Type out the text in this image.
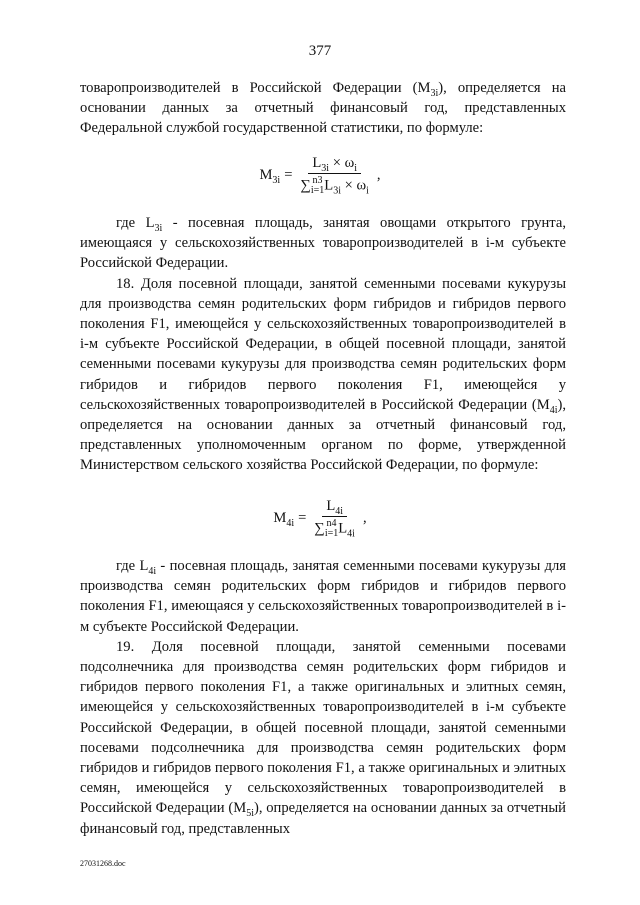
377

товаропроизводителей в Российской Федерации $(M_{3i})$, определяется на основании данных за отчетный финансовый год, представленных Федеральной службой государственной статистики, по формуле:

$M_{3i} = L_{3i} \times \omega_i$
∑ n3
i=1 $L_{3i} \times \omega_i$ ,

где $L_{3i}$ - посевная площадь, занятая овощами открытого грунта, имеющаяся у сельскохозяйственных товаропроизводителей в i-м субъекте Российской Федерации.

18. Доля посевной площади, занятой семенными посевами кукурузы для производства семян родительских форм гибридов и гибридов первого поколения F1, имеющейся у сельскохозяйственных товаропроизводителей в i-м субъекте Российской Федерации, в общей посевной площади, занятой семенными посевами кукурузы для производства семян родительских форм гибридов и гибридов первого поколения F1, имеющейся у сельскохозяйственных товаропроизводителей в Российской Федерации $(M_{4i})$, определяется на основании данных за отчетный финансовый год, представленных уполномоченным органом по форме, утвержденной Министерством сельского хозяйства Российской Федерации, по формуле:

$M_{4i} = L_{4i}$
∑ n4
i=1 $L_{4i}$ ,

где $L_{4i}$ - посевная площадь, занятая семенными посевами кукурузы для производства семян родительских форм гибридов и гибридов первого поколения F1, имеющаяся у сельскохозяйственных товаропроизводителей в i-м субъекте Российской Федерации.

19. Доля посевной площади, занятой семенными посевами подсолнечника для производства семян родительских форм гибридов и гибридов первого поколения F1, а также оригинальных и элитных семян, имеющейся у сельскохозяйственных товаропроизводителей в i-м субъекте Российской Федерации, в общей посевной площади, занятой семенными посевами подсолнечника для производства семян родительских форм гибридов и гибридов первого поколения F1, а также оригинальных и элитных семян, имеющейся у сельскохозяйственных товаропроизводителей в Российской Федерации $(M_{5i})$, определяется на основании данных за отчетный финансовый год, представленных

27031268.doc
